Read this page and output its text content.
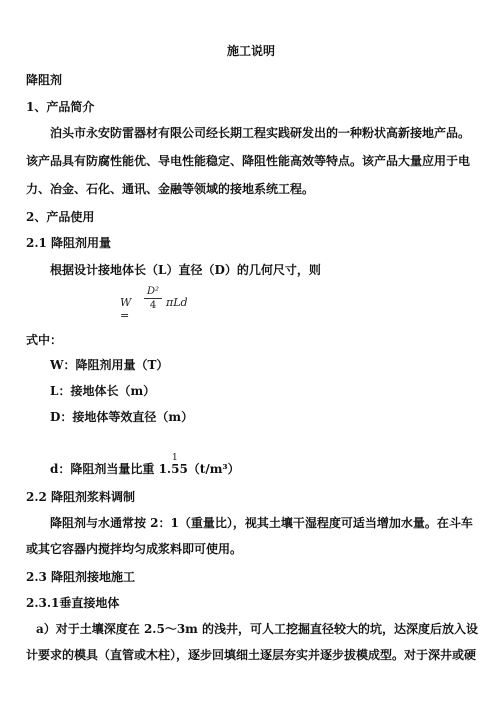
施工说明
降阻剂
1、产品简介
泊头市永安防雷器材有限公司经长期工程实践研发出的一种粉状高新接地产品。
该产品具有防腐性能优、导电性能稳定、降阻性能高效等特点。该产品大量应用于电
力、冶金、石化、通讯、金融等领域的接地系统工程。
2、产品使用
2.1 降阻剂用量
根据设计接地体长（L）直径（D）的几何尺寸，则
W =
D²
4 πLd
式中：
W：降阻剂用量（T）
L：接地体长（m）
D：接地体等效直径（m）
1
d：降阻剂当量比重 1.55（t/m³）
2.2 降阻剂浆料调制
降阻剂与水通常按 2：1（重量比），视其土壤干湿程度可适当增加水量。在斗车
或其它容器内搅拌均匀成浆料即可使用。
2.3 降阻剂接地施工
2.3.1垂直接地体
a）对于土壤深度在 2.5～3m 的浅井，可人工挖掘直径较大的坑，达深度后放入设
计要求的模具（直管或木柱），逐步回填细土逐层夯实并逐步拔模成型。对于深井或硬
